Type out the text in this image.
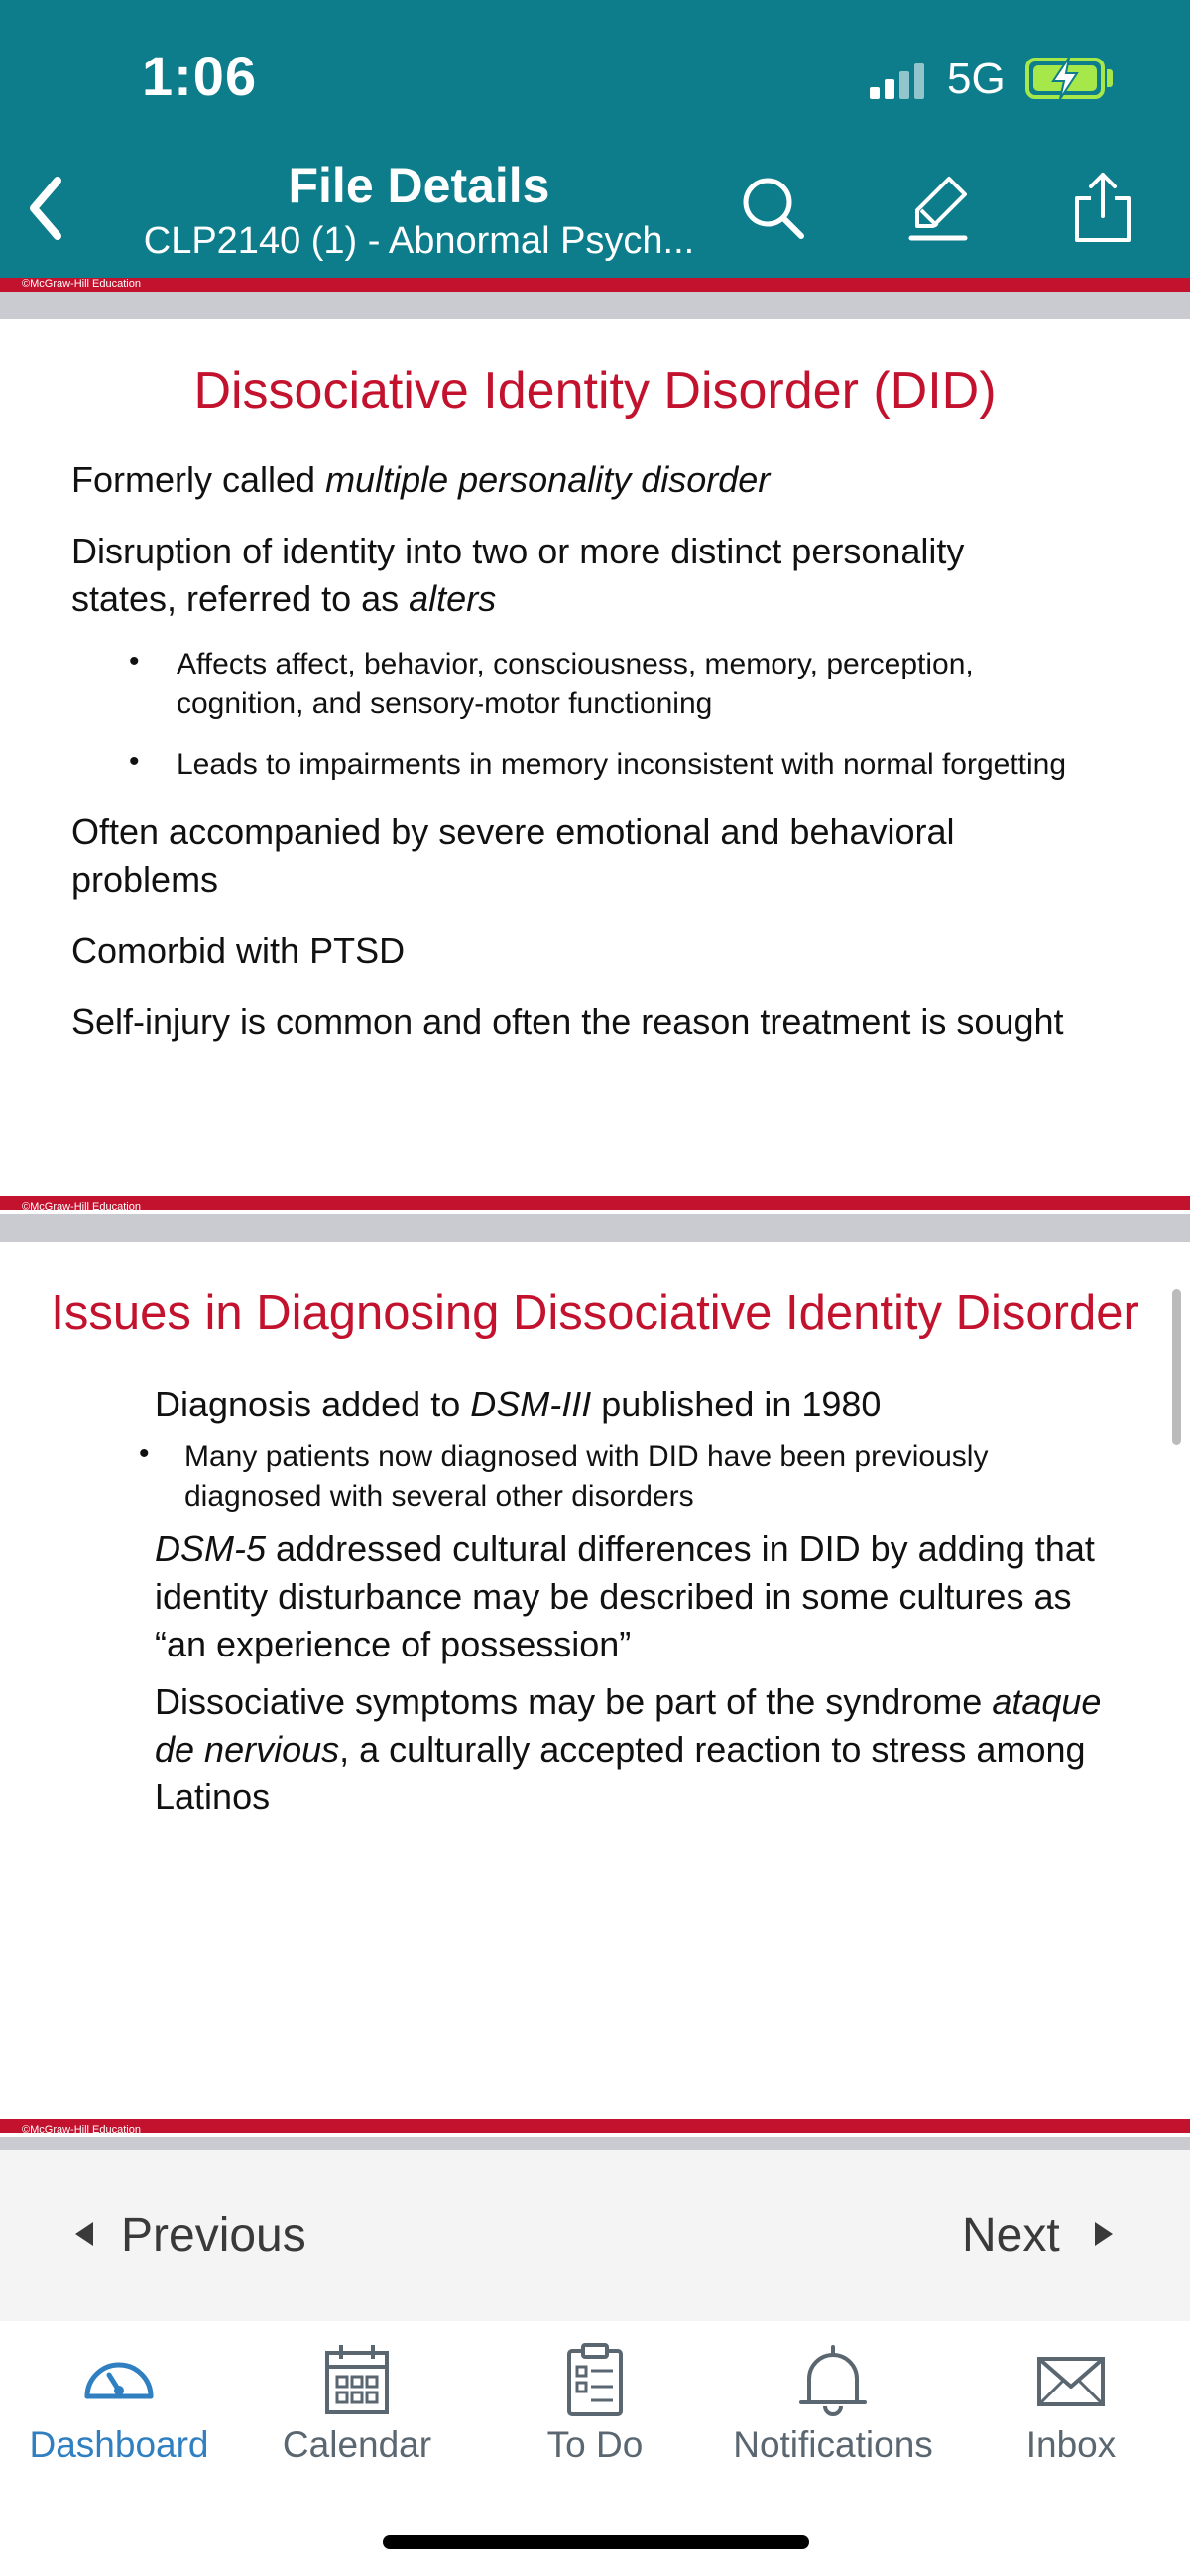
1:06	5G
File Details
CLP2140 (1) - Abnormal Psych...
©McGraw-Hill Education
Dissociative Identity Disorder (DID)
Formerly called multiple personality disorder
Disruption of identity into two or more distinct personality
states, referred to as alters
• Affects affect, behavior, consciousness, memory, perception,
cognition, and sensory-motor functioning
• Leads to impairments in memory inconsistent with normal forgetting
Often accompanied by severe emotional and behavioral
problems
Comorbid with PTSD
Self-injury is common and often the reason treatment is sought
©McGraw-Hill Education
Issues in Diagnosing Dissociative Identity Disorder
Diagnosis added to DSM-III published in 1980
• Many patients now diagnosed with DID have been previously
diagnosed with several other disorders
DSM-5 addressed cultural differences in DID by adding that
identity disturbance may be described in some cultures as
“an experience of possession”
Dissociative symptoms may be part of the syndrome ataque
de nervious, a culturally accepted reaction to stress among
Latinos
©McGraw-Hill Education
Previous	Next
Dashboard	Calendar	To Do	Notifications	Inbox
